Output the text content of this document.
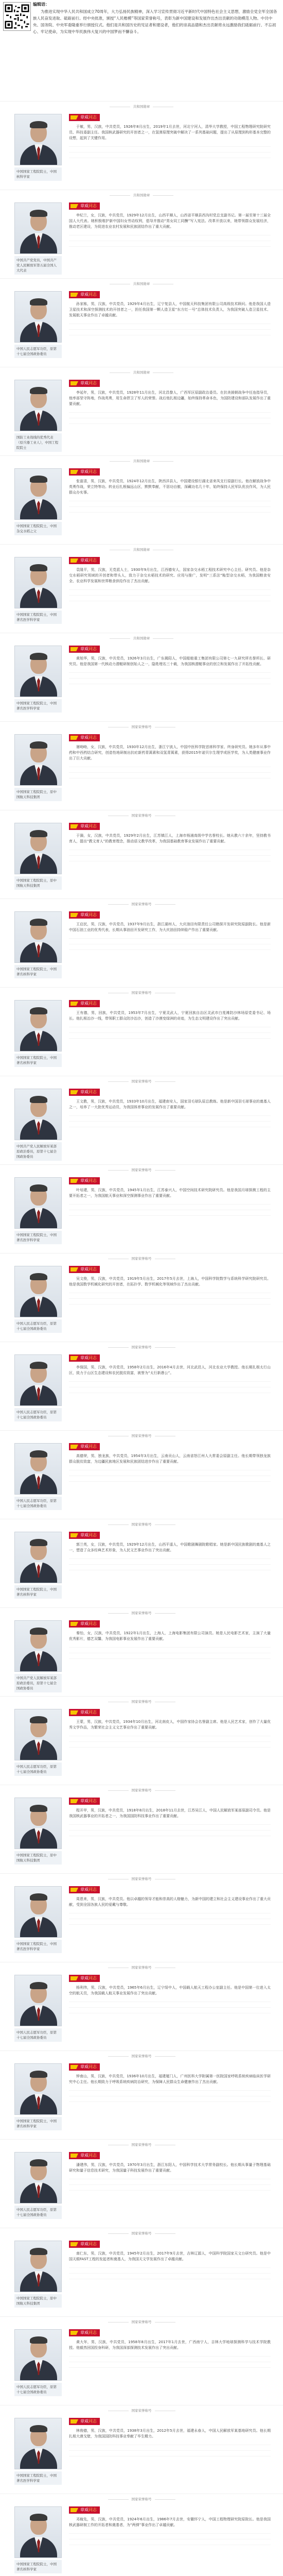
编辑语：
为推进实现中华人民共和国成立70周年，大力弘扬民族精神，深入学习宣传贯彻习近平新时代中国特色社会主义思想，激励全党全军全国各族人民奋发进取、砥砺前行。经中央批准，颁授“人民楷模”等国家荣誉称号，表彰为新中国建设和发展作出杰出贡献的功勋模范人物。中共中央、国务院、中央军委隆重举行颁授仪式。他们是共和国历史的见证者和建设者，他们的崇高品德和杰出贡献将永远激励我们砥砺前行、不忘初心、牢记使命，为实现中华民族伟大复兴的中国梦而不懈奋斗。
共和国勋章
中国国家工程院院士，中国核科学家
章威同志
于敏，男，汉族，中共党员，1926年8月出生，2019年1月去世，河北宁河人，清华大学教授，中国工程物理研究院研究员、科技委副主任。我国核武器研究的开创者之一，在氢弹原理突破中解决了一系列基础问题，提出了从原理到构形基本完整的设想，起到了关键作用。
共和国勋章
中国共产党党员，中国共产党人民解放军第五届全国人大代表
章威同志
申纪兰，女，汉族，中共党员，1929年12月出生，山西平顺人，山西省平顺县西沟村党总支副书记。第一届至第十三届全国人大代表。她积极维护新中国妇女劳动权利，倡导并推动“男女同工同酬”写入宪法。改革开放以来，她带领群众发展经济，推动老区建设，为促进农业农村发展和民族团结作出了重大贡献。
共和国勋章
中国人民志愿军功臣，原第十七届全国政协委员
章威同志
孙家栋，男，汉族，中共党员，1929年4月出生，辽宁复县人，中国航天科技集团有限公司高级技术顾问。他是我国人造卫星技术和深空探测技术的开创者之一，担任我国第一颗人造卫星“东方红一号”总体技术负责人，为我国突破人造卫星技术、发展航天事业作出了卓越贡献。
共和国勋章
国防工业战线的优秀代表（原兵器工业人），中国工程院院士
章威同志
李延年，男，汉族，中共党员，1928年11月出生，河北昌黎人，广西军区原副政治委员。在抗美援朝战争中任连指导员，他率部坚守阵地，作战英勇，用生命捍卫了军人的荣誉。战后他扎根边疆，始终保持革命本色，为国防建设和部队发展作出了重要贡献。
共和国勋章
中国国家工程院院士，中国杂交水稻之父
章威同志
张富清，男，汉族，中共党员，1924年12月出生，陕西洋县人，中国建设银行湖北省来凤支行原副行长。他在解放战争中英勇作战，荣立特等功。转业后扎根偏远山区，默默奉献，不居功自傲，深藏功名几十年，始终保持人民军队优良作风，为人民群众办实事。
共和国勋章
中国国家工程院院士，中国著名医学科学家
章威同志
袁隆平，男，汉族，无党派人士，1930年9月出生，江西德安人，国家杂交水稻工程技术研究中心主任、研究员。他是杂交水稻研究领域的开创者和带头人，致力于杂交水稻技术的研究、应用与推广，发明“三系法”籼型杂交水稻，为我国粮食安全、农业科学发展和世界粮食供给作出了杰出贡献。
共和国勋章
中国国家工程院院士，中国著名医学科学家
章威同志
黄旭华，男，汉族，中共党员，1926年3月出生，广东揭阳人，中国船舶重工集团有限公司第七一九研究所名誉所长、研究员。他是我国第一代核动力潜艇研制创始人之一，隐姓埋名三十载，为我国核潜艇事业的创立和发展作出了开拓性贡献。
国家荣誉称号
中国国家工程院院士，原中国航天科技集团
章威同志
屠呦呦，女，汉族，中共党员，1930年12月出生，浙江宁波人，中国中医科学院首席科学家、终身研究员。她多年从事中药和中西药结合研究，创造性地研制出抗疟新药青蒿素和双氢青蒿素，获得2015年诺贝尔生理学或医学奖，为人类健康事业作出了巨大贡献。
国家荣誉称号
中国国家工程院院士，原中国航天科技集团
章威同志
于漪，女，汉族，中共党员，1929年2月出生，江苏镇江人，上海市杨浦高级中学名誉校长。她从教六十余年，坚持教书育人，提出“教文育人”的教育理念，推动语文教学改革，为我国基础教育事业发展作出了重要贡献。
国家荣誉称号
中国国家工程院院士，中国著名核科学家
章威同志
王启民，男，汉族，中共党员，1937年9月出生，浙江湖州人，大庆油田有限责任公司勘探开发研究院原副院长。他是新中国石油工业的优秀代表，长期从事油田开发研究工作，为大庆油田持续稳产作出了重要贡献。
国家荣誉称号
中国国家工程院院士，中国著名核科学家
章威同志
王有德，男，回族，中共党员，1953年7月出生，宁夏灵武人，宁夏回族自治区灵武市白芨滩防沙林场原党委书记、场长。他扎根治沙一线，带领职工群众防沙治沙，创造了沙漠变绿洲的奇迹，为生态文明建设作出了突出贡献。
国家荣誉称号
中国共产党人民解放军某部原政治委员，原第十七届全国政协委员
章威同志
王文教，男，汉族，中共党员，1933年10月出生，福建南安人，国家羽毛球队原总教练。他是新中国羽毛球事业的奠基人之一，培养了一大批优秀运动员，为我国体育事业的发展作出了重要贡献。
国家荣誉称号
中国国家工程院院士，中国著名医学科学家
章威同志
叶培建，男，汉族，中共党员，1945年1月出生，江苏泰兴人，中国空间技术研究院研究员。他是我国月球探测工程的主要开拓者之一，为我国航天事业和深空探测事业作出了重要贡献。
国家荣誉称号
中国人民志愿军功臣，原第十七届全国政协委员
章威同志
吴文俊，男，汉族，中共党员，1919年5月出生，2017年5月去世，上海人，中国科学院数学与系统科学研究院研究员。他是我国数学机械化研究的开创者，在拓扑学、数学机械化等领域作出了杰出贡献。
国家荣誉称号
中国人民志愿军功臣，原第十七届全国政协委员
章威同志
李保国，男，汉族，中共党员，1958年2月出生，2016年4月去世，河北武邑人，河北农业大学教授。他长期扎根太行山区，致力于山区生态建设和农民脱贫致富，被誉为“太行新愚公”。
国家荣誉称号
中国人民志愿军功臣，原第十七届全国政协委员
章威同志
高德荣，男，独龙族，中共党员，1954年3月出生，云南贡山人，云南省怒江州人大常委会原副主任。他长期带领独龙族群众脱贫致富，为边疆民族地区发展和民族团结进步作出了重要贡献。
国家荣誉称号
中国国家工程院院士，中国著名核科学家
章威同志
郭兰英，女，汉族，中共党员，1929年12月出生，山西平遥人，中国歌剧舞剧院歌唱家。她是新中国民族歌剧的奠基人之一，塑造了众多经典艺术形象，为人民文艺事业作出了突出贡献。
国家荣誉称号
中国共产党人民解放军某部原政治委员，原第十七届全国政协委员
章威同志
秦怡，女，汉族，中共党员，1922年1月出生，上海人，上海电影集团有限公司演员。她是人民电影艺术家，主演了大量优秀影片，德艺双馨，为我国电影事业发展作出了重要贡献。
国家荣誉称号
中国人民志愿军功臣，原第十七届全国政协委员
章威同志
王蒙，男，汉族，中共党员，1934年10月出生，河北南皮人，中国作家协会名誉副主席。他是人民艺术家，创作了大量优秀文学作品，为繁荣社会主义文艺事业作出了重要贡献。
国家荣誉称号
中国国家工程院院士，原中国航天科技集团
章威同志
程开甲，男，汉族，中共党员，1918年8月出生，2018年11月去世，江苏吴江人，中国人民解放军某部原副司令员。他是我国核武器事业的开拓者之一，为我国国防科技事业作出了重要贡献。
国家荣誉称号
中国国家工程院院士，中国著名医学科学家
章威同志
周恩来，男，汉族，中共党员。他以卓越的领导才能和崇高的人格魅力，为新中国的建立和社会主义建设事业作出了重大贡献，受到全国各族人民的爱戴与尊敬。
国家荣誉称号
中国人民志愿军功臣，原第十七届全国政协委员
章威同志
杨利伟，男，汉族，中共党员，1965年6月出生，辽宁绥中人，中国载人航天工程办公室副主任。他是中国第一位进入太空的航天员，为我国载人航天事业发展作出了突出贡献。
国家荣誉称号
中国国家工程院院士，中国著名核科学家
章威同志
钟南山，男，汉族，中共党员，1936年10月出生，福建厦门人，广州医科大学附属第一医院国家呼吸系统疾病临床医学研究中心主任。他长期致力于呼吸系统疾病防治研究，为保障人民群众生命健康作出了杰出贡献。
国家荣誉称号
中国人民志愿军功臣，原第十七届全国政协委员
章威同志
潘建伟，男，汉族，中共党员，1970年3月出生，浙江东阳人，中国科学技术大学常务副校长。他长期从事量子物理基础研究和量子信息技术研究，为我国量子科技发展作出了重要贡献。
国家荣誉称号
中国国家工程院院士，原中国航天科技集团
章威同志
南仁东，男，汉族，中共党员，1945年2月出生，2017年9月去世，吉林辽源人，中国科学院国家天文台研究员。他是中国天眼FAST工程的发起者和奠基人，为我国天文学发展作出了卓越贡献。
国家荣誉称号
中国人民志愿军功臣，原第十七届全国政协委员
章威同志
黄大年，男，汉族，中共党员，1958年8月出生，2017年1月去世，广西南宁人，吉林大学地球探测科学与技术学院教授。他毅然回国投身科研，为我国深部探测技术发展作出了突出贡献。
国家荣誉称号
中国国家工程院院士，中国著名医学科学家
章威同志
林俊德，男，汉族，中共党员，1938年3月出生，2012年5月去世，福建永春人，中国人民解放军某基地研究员。他长期扎根大漠戈壁，为我国国防科技事业奉献了毕生精力。
国家荣誉称号
中国国家工程院院士，中国著名核科学家
章威同志
邓稼先，男，汉族，中共党员，1924年6月出生，1986年7月去世，安徽怀宁人，中国工程物理研究院原院长。他是我国核武器研制工作的开拓者和奠基者，为“两弹”事业作出了卓越贡献。
